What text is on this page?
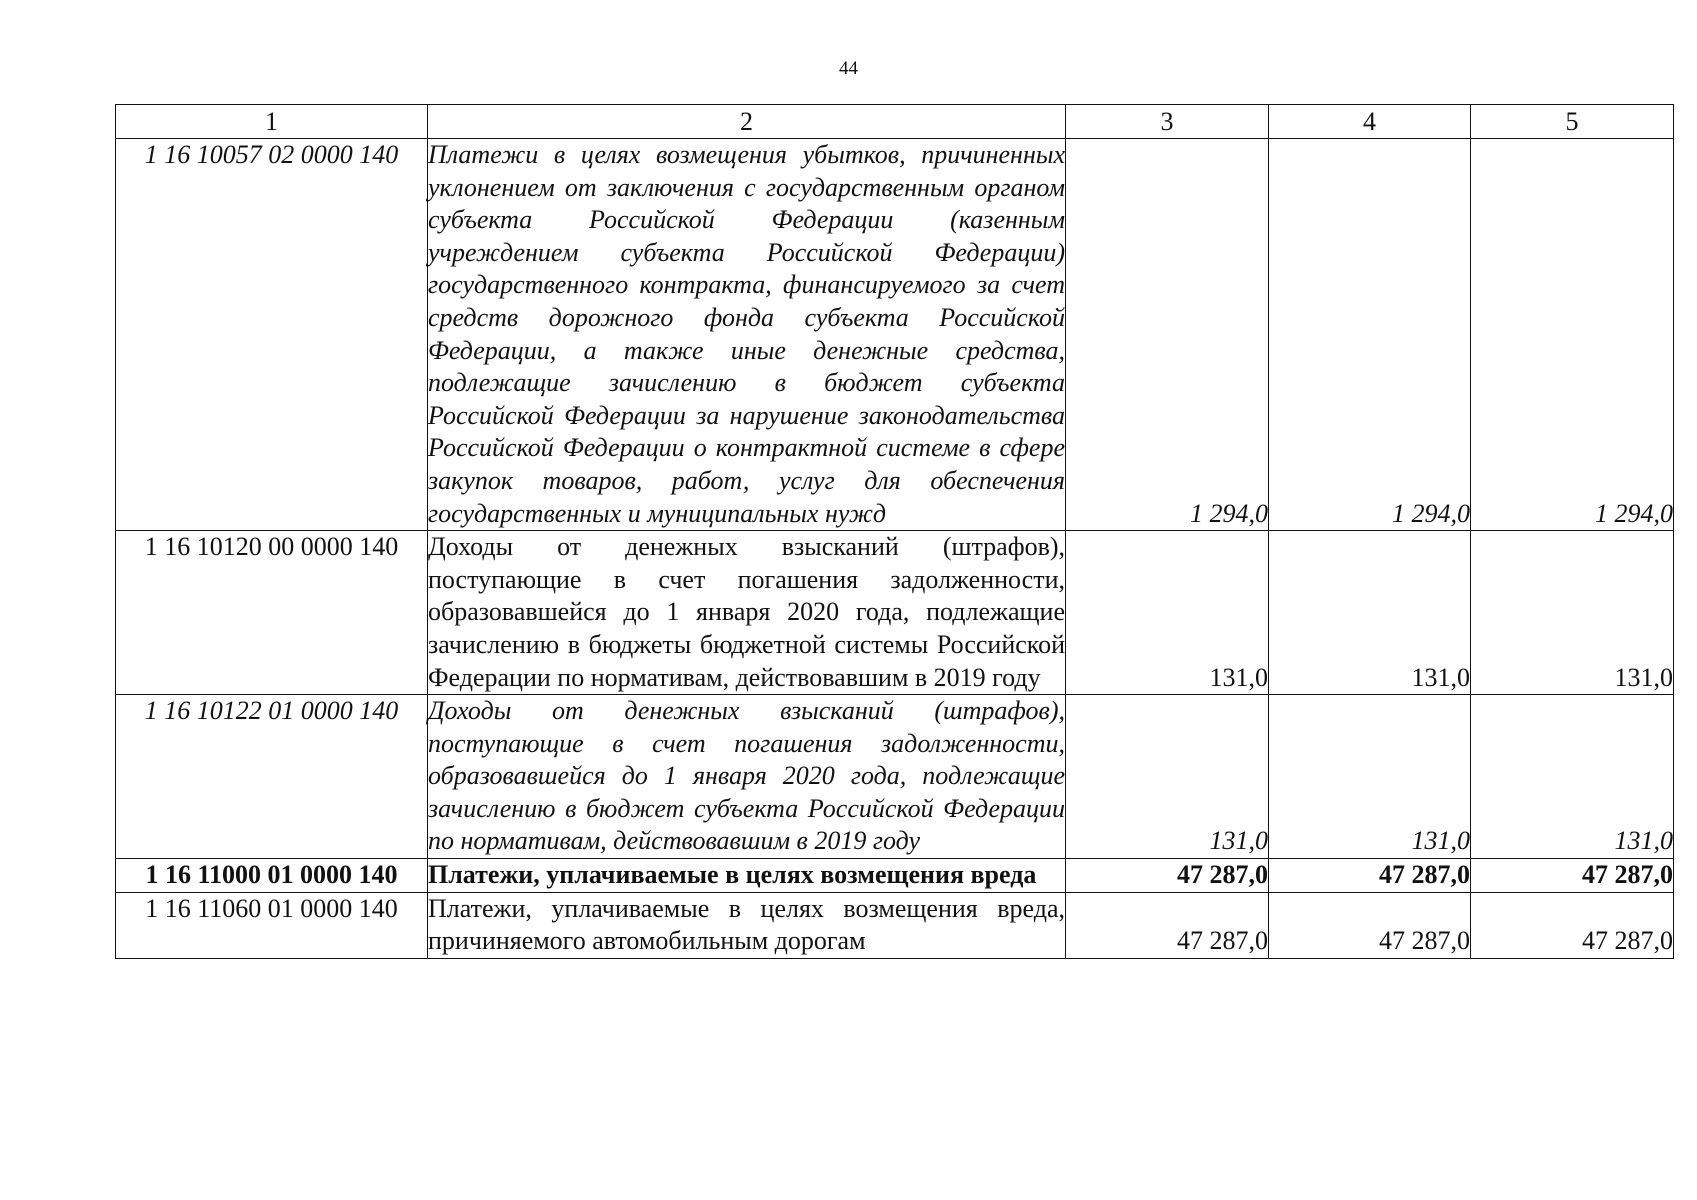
44
1	2	3	4	5
1 16 10057 02 0000 140	Платежи в целях возмещения убытков, причиненных уклонением от заключения с государственным органом субъекта Российской Федерации (казенным учреждением субъекта Российской Федерации) государственного контракта, финансируемого за счет средств дорожного фонда субъекта Российской Федерации, а также иные денежные средства, подлежащие зачислению в бюджет субъекта Российской Федерации за нарушение законодательства Российской Федерации о контрактной системе в сфере закупок товаров, работ, услуг для обеспечения государственных и муниципальных нужд	1 294,0	1 294,0	1 294,0
1 16 10120 00 0000 140	Доходы от денежных взысканий (штрафов), поступающие в счет погашения задолженности, образовавшейся до 1 января 2020 года, подлежащие зачислению в бюджеты бюджетной системы Российской Федерации по нормативам, действовавшим в 2019 году	131,0	131,0	131,0
1 16 10122 01 0000 140	Доходы от денежных взысканий (штрафов), поступающие в счет погашения задолженности, образовавшейся до 1 января 2020 года, подлежащие зачислению в бюджет субъекта Российской Федерации по нормативам, действовавшим в 2019 году	131,0	131,0	131,0
1 16 11000 01 0000 140	Платежи, уплачиваемые в целях возмещения вреда	47 287,0	47 287,0	47 287,0
1 16 11060 01 0000 140	Платежи, уплачиваемые в целях возмещения вреда, причиняемого автомобильным дорогам	47 287,0	47 287,0	47 287,0
